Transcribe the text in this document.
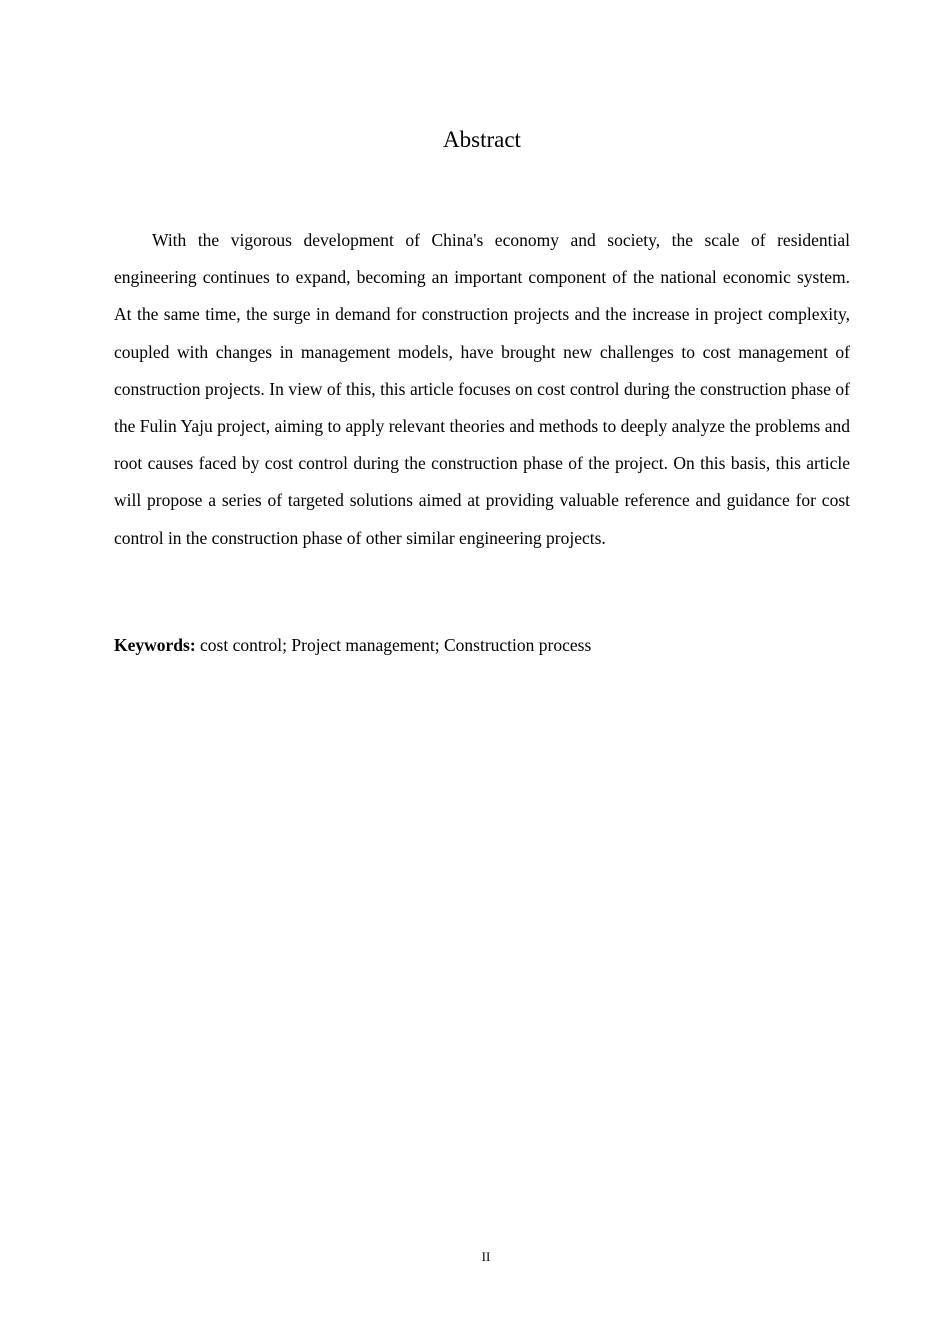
Abstract

With the vigorous development of China's economy and society, the scale of residential engineering continues to expand, becoming an important component of the national economic system. At the same time, the surge in demand for construction projects and the increase in project complexity, coupled with changes in management models, have brought new challenges to cost management of construction projects. In view of this, this article focuses on cost control during the construction phase of the Fulin Yaju project, aiming to apply relevant theories and methods to deeply analyze the problems and root causes faced by cost control during the construction phase of the project. On this basis, this article will propose a series of targeted solutions aimed at providing valuable reference and guidance for cost control in the construction phase of other similar engineering projects.

Keywords: cost control; Project management; Construction process

II
